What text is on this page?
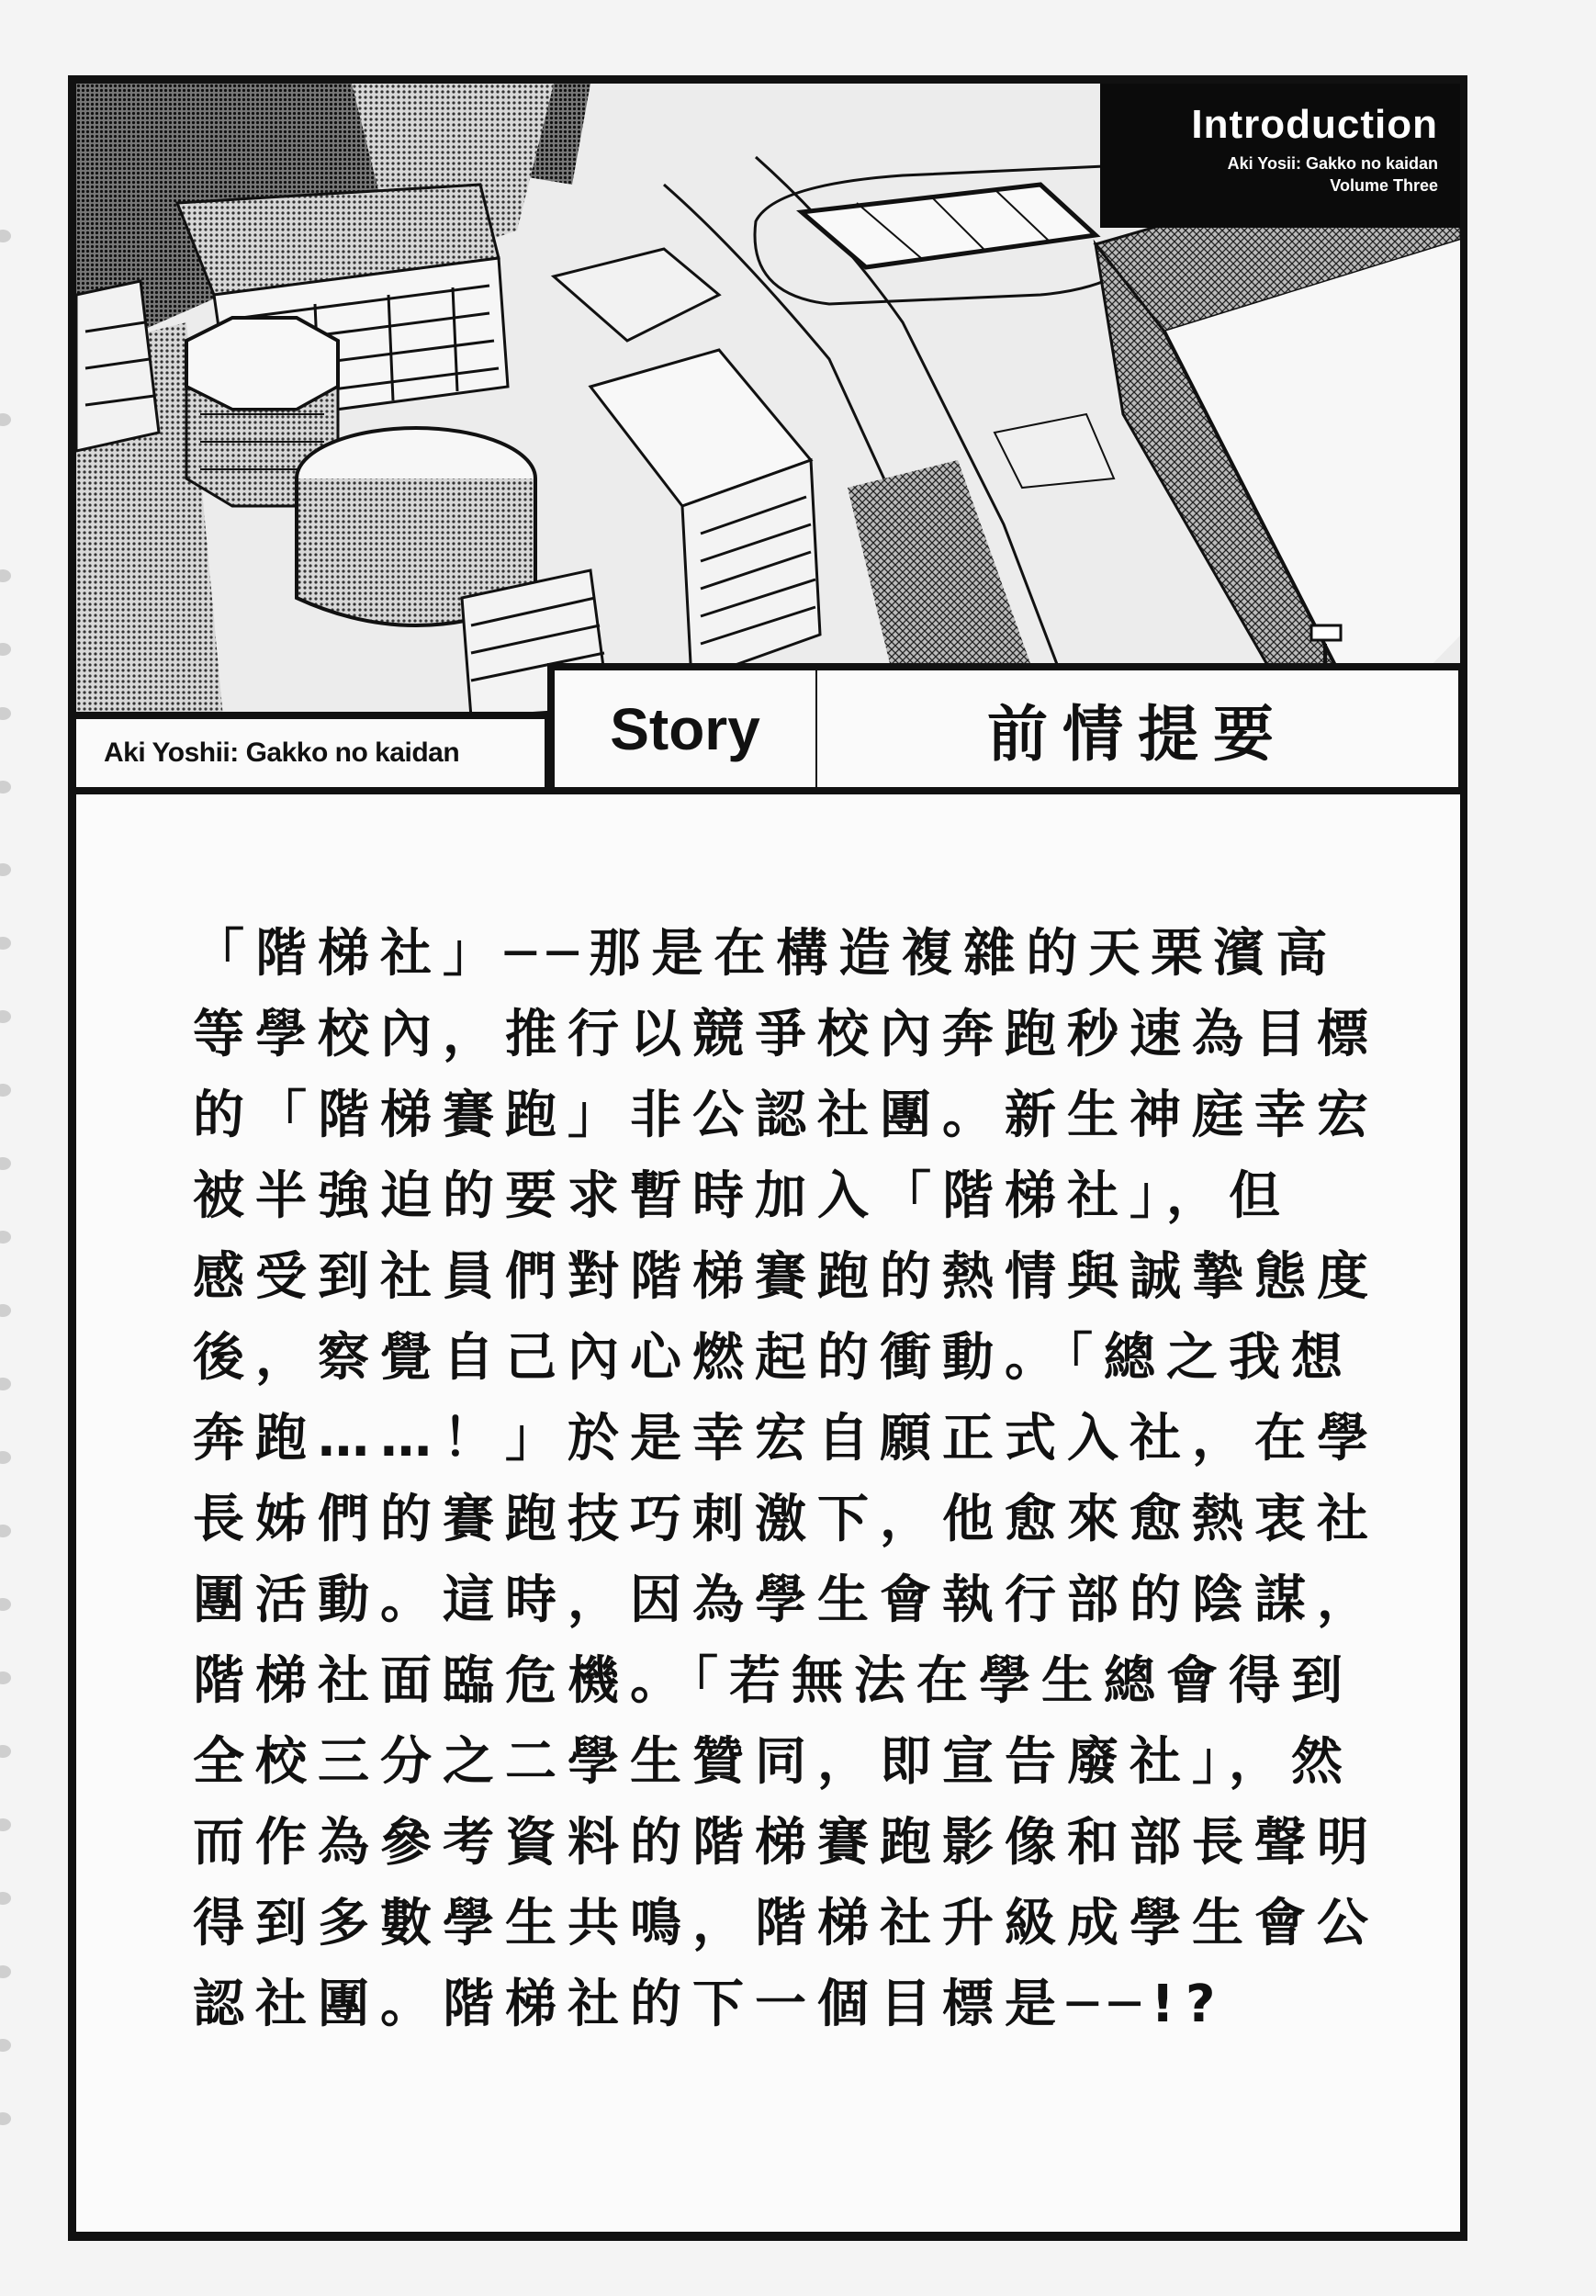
Introduction
Aki Yosii: Gakko no kaidan
Volume Three
Aki Yoshii: Gakko no kaidan	Story	前情提要
「階梯社」──那是在構造複雜的天栗濱高
等學校內，推行以競爭校內奔跑秒速為目標
的「階梯賽跑」非公認社團。新生神庭幸宏
被半強迫的要求暫時加入「階梯社」，但
感受到社員們對階梯賽跑的熱情與誠摯態度
後，察覺自己內心燃起的衝動。「總之我想
奔跑……！」於是幸宏自願正式入社，在學
長姊們的賽跑技巧刺激下，他愈來愈熱衷社
團活動。這時，因為學生會執行部的陰謀，
階梯社面臨危機。「若無法在學生總會得到
全校三分之二學生贊同，即宣告廢社」，然
而作為參考資料的階梯賽跑影像和部長聲明
得到多數學生共鳴，階梯社升級成學生會公
認社團。階梯社的下一個目標是──!?
